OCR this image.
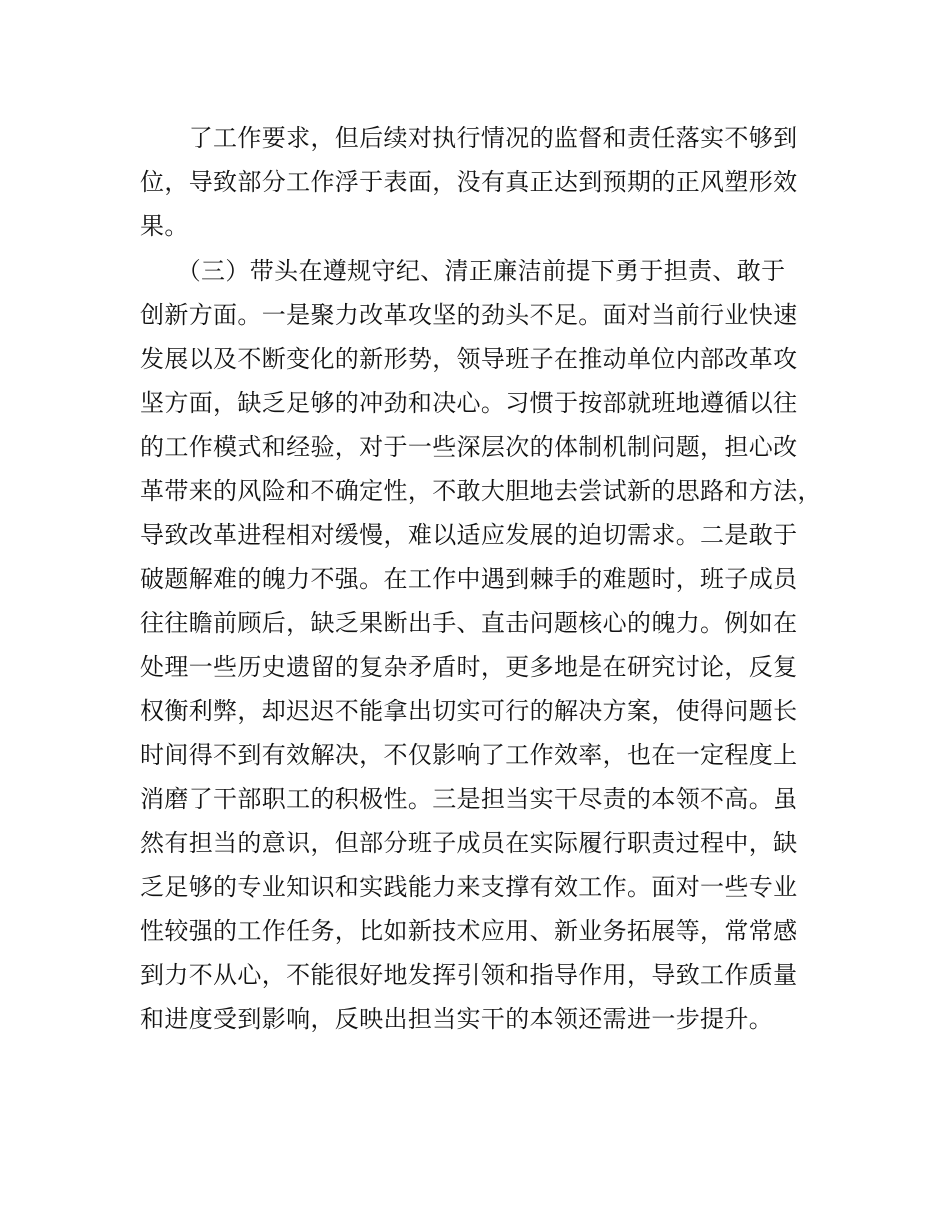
　　了工作要求，但后续对执行情况的监督和责任落实不够到
位，导致部分工作浮于表面，没有真正达到预期的正风塑形效
果。
　　（三）带头在遵规守纪、清正廉洁前提下勇于担责、敢于
创新方面。一是聚力改革攻坚的劲头不足。面对当前行业快速
发展以及不断变化的新形势，领导班子在推动单位内部改革攻
坚方面，缺乏足够的冲劲和决心。习惯于按部就班地遵循以往
的工作模式和经验，对于一些深层次的体制机制问题，担心改
革带来的风险和不确定性，不敢大胆地去尝试新的思路和方法，
导致改革进程相对缓慢，难以适应发展的迫切需求。二是敢于
破题解难的魄力不强。在工作中遇到棘手的难题时，班子成员
往往瞻前顾后，缺乏果断出手、直击问题核心的魄力。例如在
处理一些历史遗留的复杂矛盾时，更多地是在研究讨论，反复
权衡利弊，却迟迟不能拿出切实可行的解决方案，使得问题长
时间得不到有效解决，不仅影响了工作效率，也在一定程度上
消磨了干部职工的积极性。三是担当实干尽责的本领不高。虽
然有担当的意识，但部分班子成员在实际履行职责过程中，缺
乏足够的专业知识和实践能力来支撑有效工作。面对一些专业
性较强的工作任务，比如新技术应用、新业务拓展等，常常感
到力不从心，不能很好地发挥引领和指导作用，导致工作质量
和进度受到影响，反映出担当实干的本领还需进一步提升。
